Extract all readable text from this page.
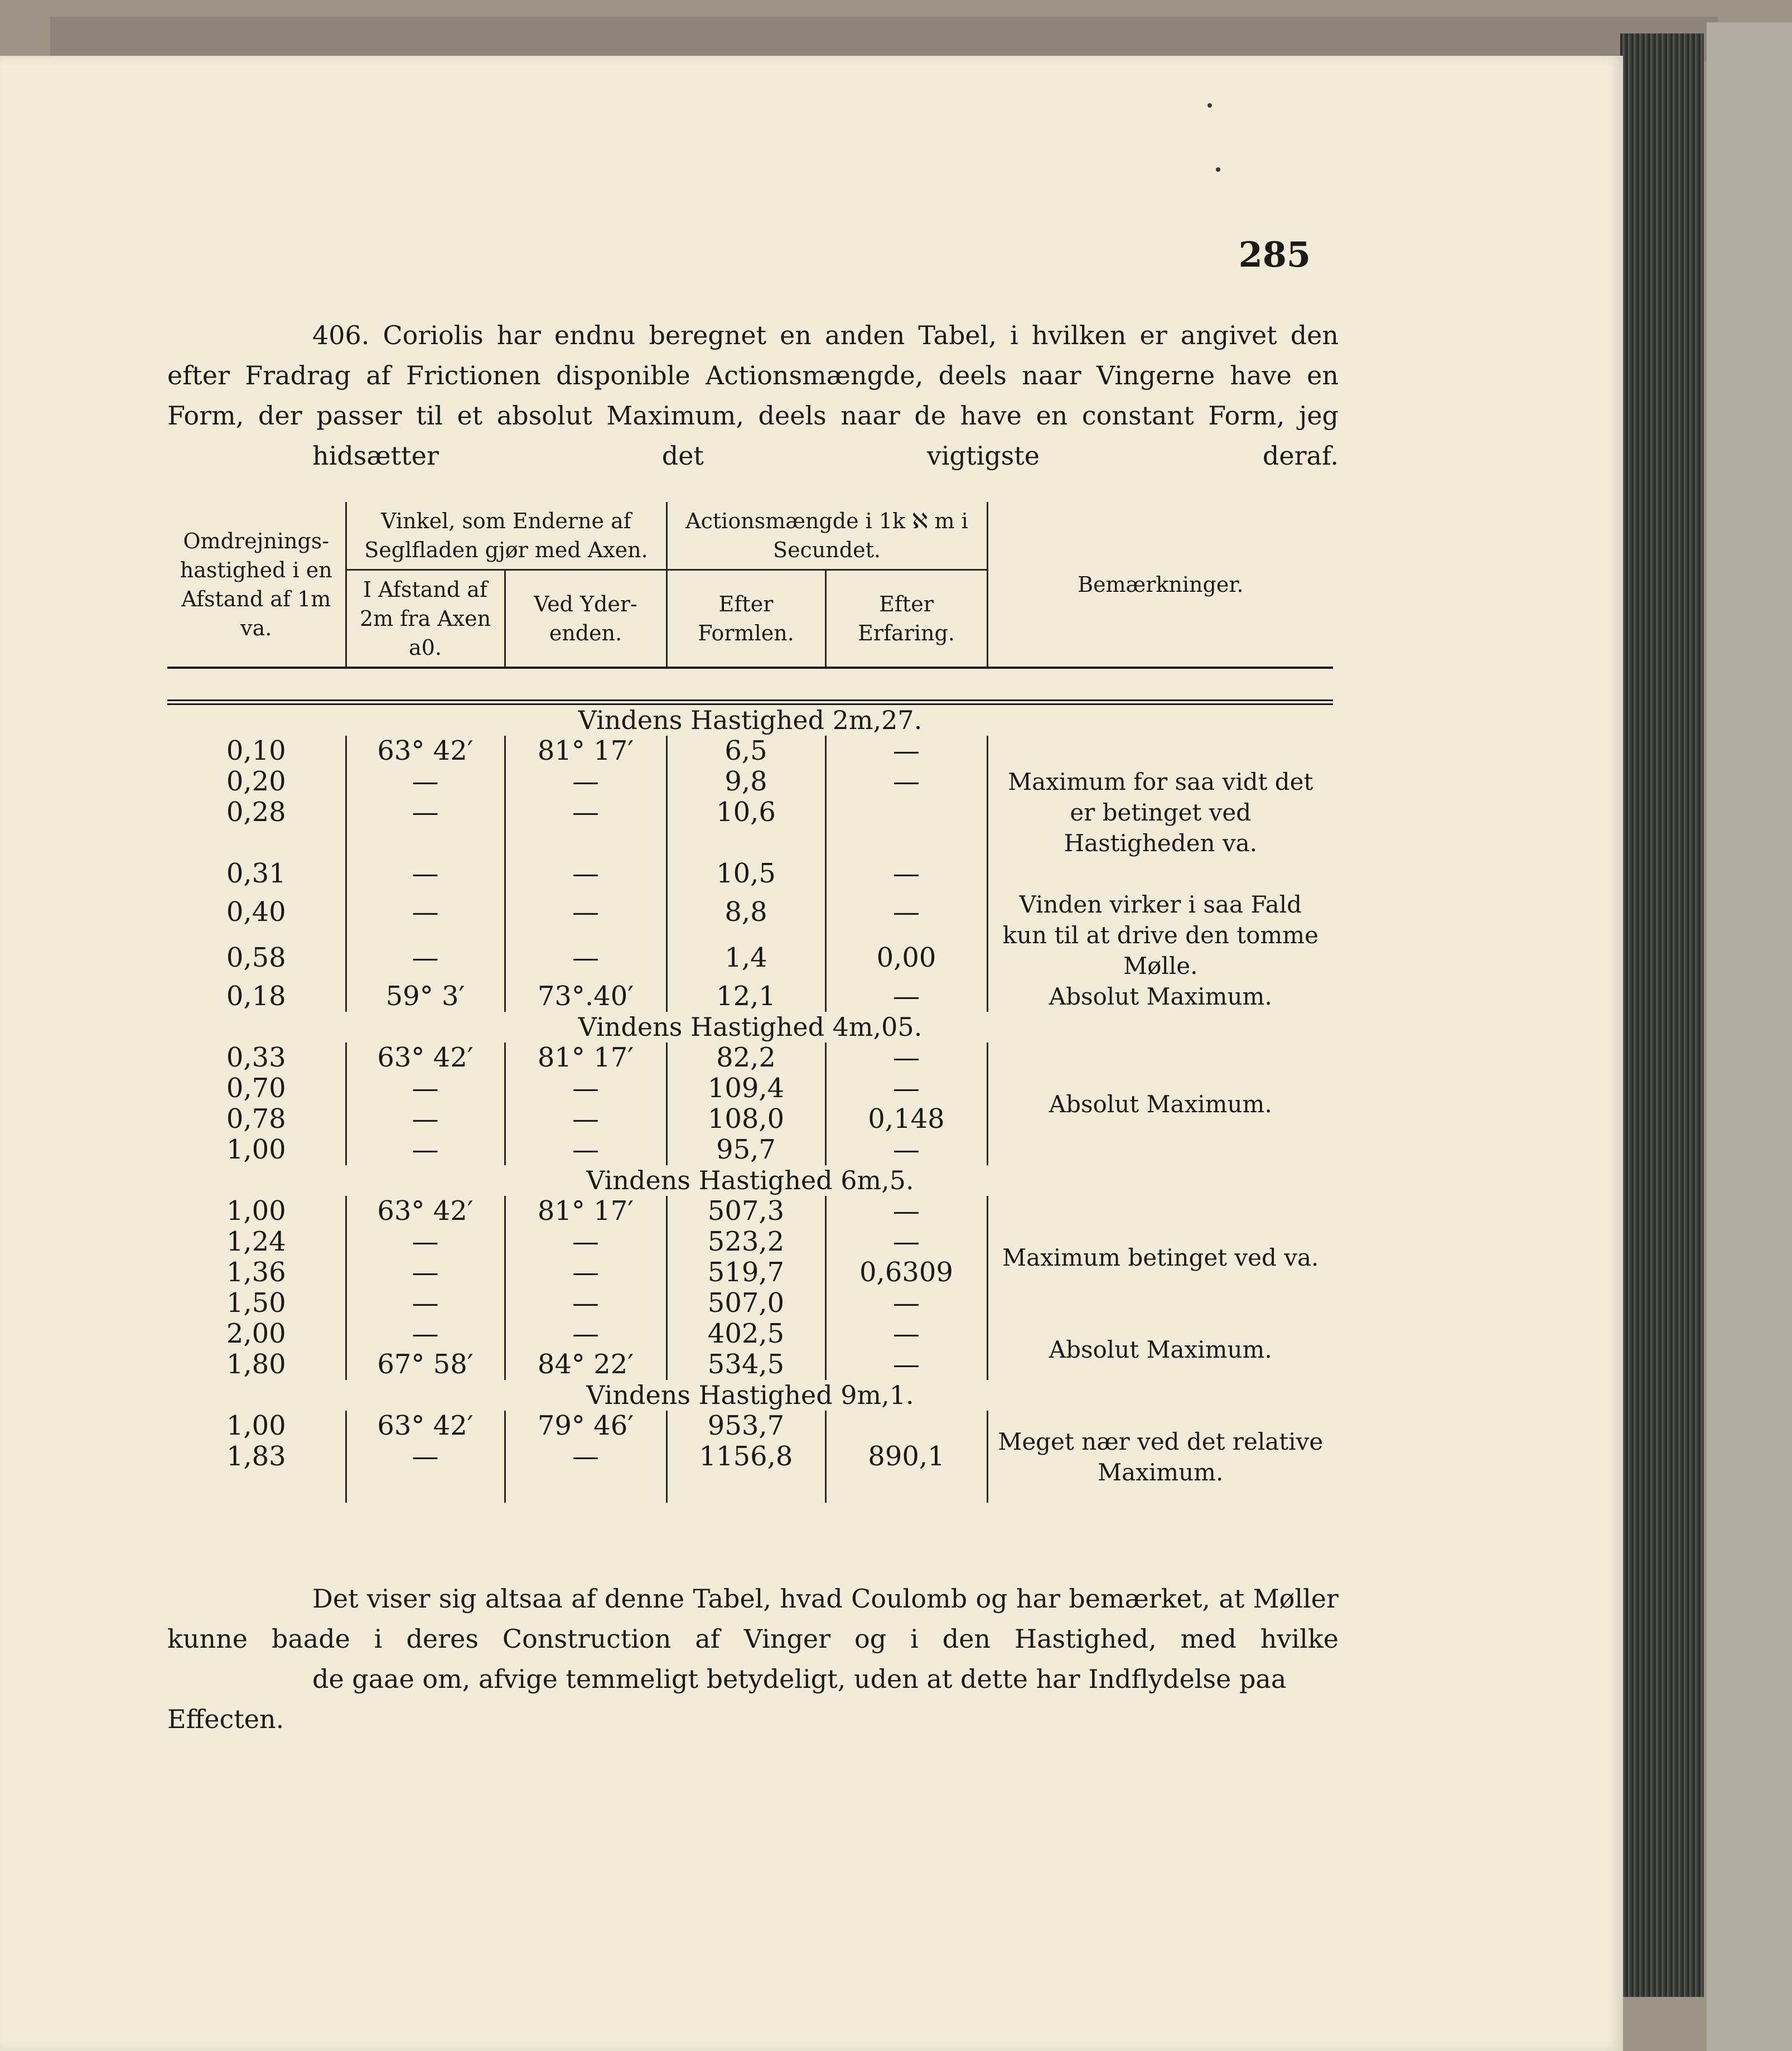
285

406. Coriolis har endnu beregnet en anden Tabel, i hvilken er angivet den efter Fradrag af Frictionen disponible Actionsmængde, deels naar Vingerne have en Form, der passer til et absolut Maximum, deels naar de have en constant Form, jeg
hidsætter det vigtigste deraf.

Omdrejnings-hastighed i en Afstand af 1m va.	Vinkel, som Enderne af Seglfladen gjør med Axen.		Actionsmængde i 1k ℵ m i Secundet.		Bemærkninger.
	I Afstand af 2m fra Axen a0.	Ved Yder-enden.	Efter Formlen.	Efter Erfaring.	

Vindens Hastighed 2m,27.					
0,10	63° 42′	81° 17′	6,5	—	Maximum for saa vidt det er betinget ved Hastigheden va.
0,20	—	—	9,8	—	
0,28	—	—	10,6		

0,31	—	—	10,5	—	
0,40	—	—	8,8	—	Vinden virker i saa Fald kun til at drive den tomme Mølle.
0,58	—	—	1,4	0,00	
0,18	59° 3′	73°.40′	12,1	—	Absolut Maximum.
Vindens Hastighed 4m,05.					
0,33	63° 42′	81° 17′	82,2	—	Absolut Maximum.
0,70	—	—	109,4	—	
0,78	—	—	108,0	0,148	
1,00	—	—	95,7	—	
Vindens Hastighed 6m,5.					
1,00	63° 42′	81° 17′	507,3	—	Maximum betinget ved va.
1,24	—	—	523,2	—	
1,36	—	—	519,7	0,6309	
1,50	—	—	507,0	—	
2,00	—	—	402,5	—	Absolut Maximum.
1,80	67° 58′	84° 22′	534,5	—	
Vindens Hastighed 9m,1.					
1,00	63° 42′	79° 46′	953,7		Meget nær ved det relative Maximum.
1,83	—	—	1156,8	890,1	

Det viser sig altsaa af denne Tabel, hvad Coulomb og har bemærket, at Møller kunne baade i deres Construction af Vinger og i den Hastighed, med hvilke
de gaae om, afvige temmeligt betydeligt, uden at dette har Indflydelse paa Effecten.
